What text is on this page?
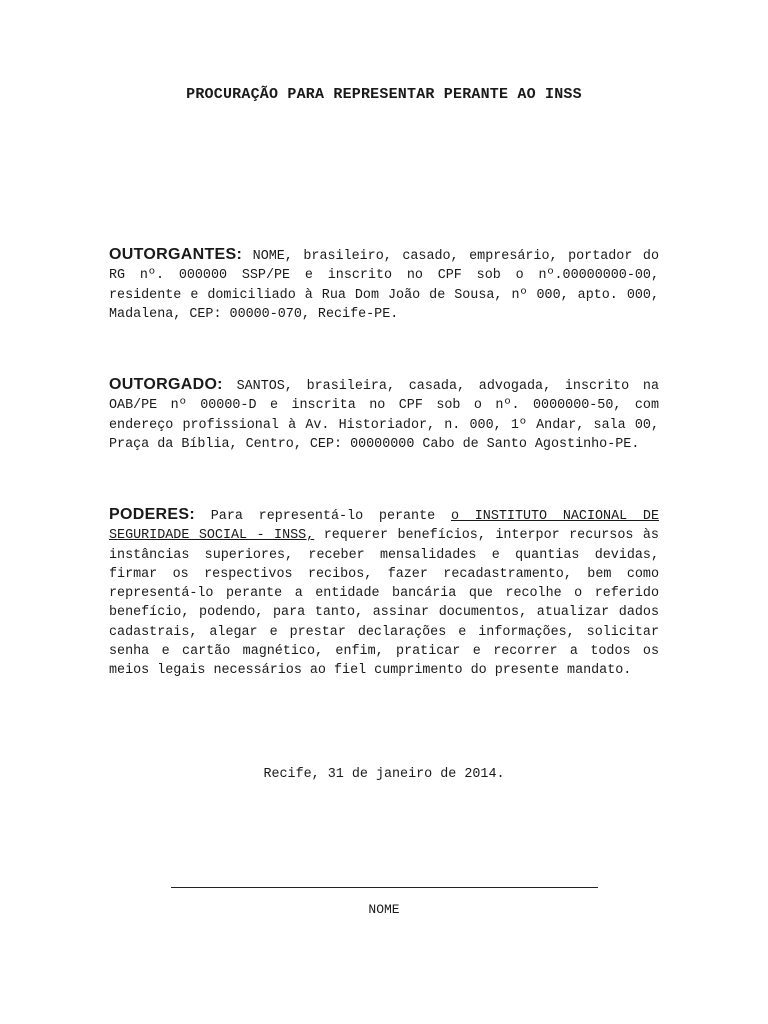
PROCURAÇÃO PARA REPRESENTAR PERANTE AO INSS
OUTORGANTES: NOME, brasileiro, casado, empresário, portador do RG nº. 000000 SSP/PE e inscrito no CPF sob o nº.00000000-00, residente e domiciliado à Rua Dom João de Sousa, nº 000, apto. 000, Madalena, CEP: 00000-070, Recife-PE.
OUTORGADO: SANTOS, brasileira, casada, advogada, inscrito na OAB/PE nº 00000-D e inscrita no CPF sob o nº. 0000000-50, com endereço profissional à Av. Historiador, n. 000, 1º Andar, sala 00, Praça da Bíblia, Centro, CEP: 00000000 Cabo de Santo Agostinho-PE.
PODERES: Para representá-lo perante o INSTITUTO NACIONAL DE SEGURIDADE SOCIAL - INSS, requerer benefícios, interpor recursos às instâncias superiores, receber mensalidades e quantias devidas, firmar os respectivos recibos, fazer recadastramento, bem como representá-lo perante a entidade bancária que recolhe o referido benefício, podendo, para tanto, assinar documentos, atualizar dados cadastrais, alegar e prestar declarações e informações, solicitar senha e cartão magnético, enfim, praticar e recorrer a todos os meios legais necessários ao fiel cumprimento do presente mandato.
Recife, 31 de janeiro de 2014.
NOME
